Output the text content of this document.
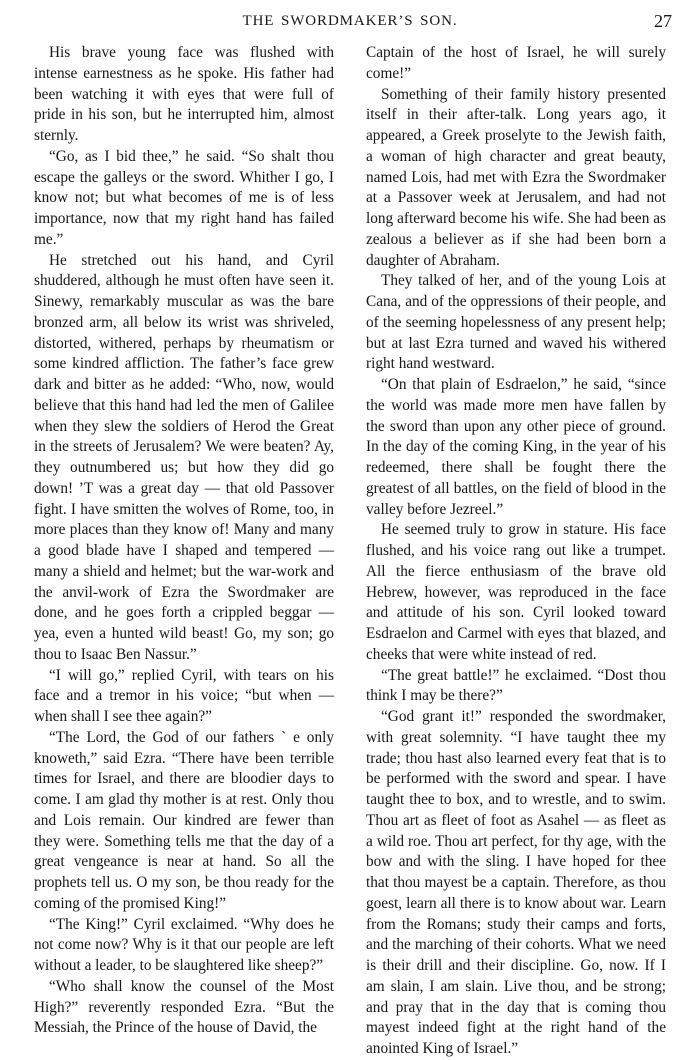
THE SWORDMAKER’S SON.	27

His brave young face was flushed with intense earnestness as he spoke. His father had been watching it with eyes that were full of pride in his son, but he interrupted him, almost sternly.

“Go, as I bid thee,” he said. “So shalt thou escape the galleys or the sword. Whither I go, I know not; but what becomes of me is of less importance, now that my right hand has failed me.”

He stretched out his hand, and Cyril shuddered, although he must often have seen it. Sinewy, remarkably muscular as was the bare bronzed arm, all below its wrist was shriveled, distorted, withered, perhaps by rheumatism or some kindred affliction. The father’s face grew dark and bitter as he added: “Who, now, would believe that this hand had led the men of Galilee when they slew the soldiers of Herod the Great in the streets of Jerusalem? We were beaten? Ay, they outnumbered us; but how they did go down! ’T was a great day — that old Passover fight. I have smitten the wolves of Rome, too, in more places than they know of! Many and many a good blade have I shaped and tempered — many a shield and helmet; but the war-work and the anvil-work of Ezra the Swordmaker are done, and he goes forth a crippled beggar — yea, even a hunted wild beast! Go, my son; go thou to Isaac Ben Nassur.”

“I will go,” replied Cyril, with tears on his face and a tremor in his voice; “but when — when shall I see thee again?”

“The Lord, the God of our fathers ` e only knoweth,” said Ezra. “There have been terrible times for Israel, and there are bloodier days to come. I am glad thy mother is at rest. Only thou and Lois remain. Our kindred are fewer than they were. Something tells me that the day of a great vengeance is near at hand. So all the prophets tell us. O my son, be thou ready for the coming of the promised King!”

“The King!” Cyril exclaimed. “Why does he not come now? Why is it that our people are left without a leader, to be slaughtered like sheep?”

“Who shall know the counsel of the Most High?” reverently responded Ezra. “But the Messiah, the Prince of the house of David, the

Captain of the host of Israel, he will surely come!”

Something of their family history presented itself in their after-talk. Long years ago, it appeared, a Greek proselyte to the Jewish faith, a woman of high character and great beauty, named Lois, had met with Ezra the Swordmaker at a Passover week at Jerusalem, and had not long afterward become his wife. She had been as zealous a believer as if she had been born a daughter of Abraham.

They talked of her, and of the young Lois at Cana, and of the oppressions of their people, and of the seeming hopelessness of any present help; but at last Ezra turned and waved his withered right hand westward.

“On that plain of Esdraelon,” he said, “since the world was made more men have fallen by the sword than upon any other piece of ground. In the day of the coming King, in the year of his redeemed, there shall be fought there the greatest of all battles, on the field of blood in the valley before Jezreel.”

He seemed truly to grow in stature. His face flushed, and his voice rang out like a trumpet. All the fierce enthusiasm of the brave old Hebrew, however, was reproduced in the face and attitude of his son. Cyril looked toward Esdraelon and Carmel with eyes that blazed, and cheeks that were white instead of red.

“The great battle!” he exclaimed. “Dost thou think I may be there?”

“God grant it!” responded the swordmaker, with great solemnity. “I have taught thee my trade; thou hast also learned every feat that is to be performed with the sword and spear. I have taught thee to box, and to wrestle, and to swim. Thou art as fleet of foot as Asahel — as fleet as a wild roe. Thou art perfect, for thy age, with the bow and with the sling. I have hoped for thee that thou mayest be a captain. Therefore, as thou goest, learn all there is to know about war. Learn from the Romans; study their camps and forts, and the marching of their cohorts. What we need is their drill and their discipline. Go, now. If I am slain, I am slain. Live thou, and be strong; and pray that in the day that is coming thou mayest indeed fight at the right hand of the anointed King of Israel.”
